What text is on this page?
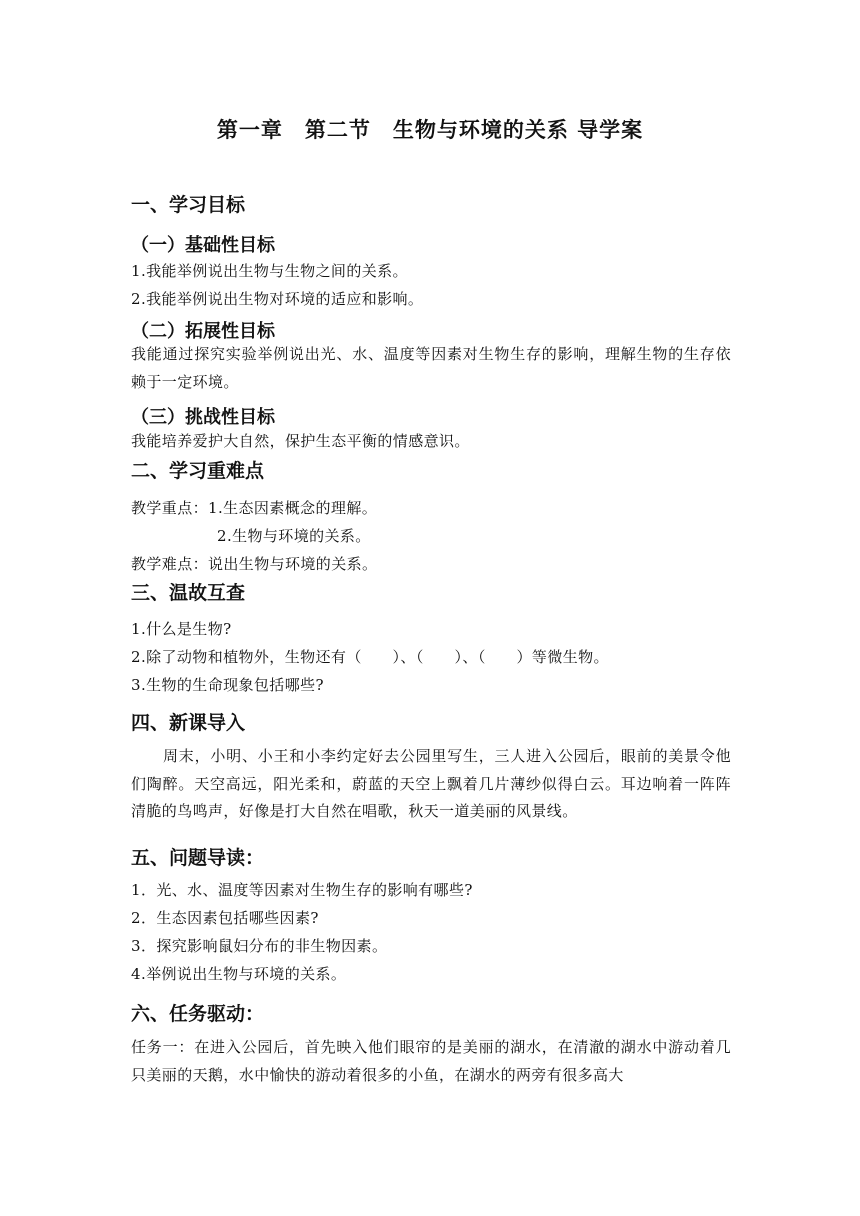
第一章　第二节　生物与环境的关系 导学案
一、学习目标
（一）基础性目标
1.我能举例说出生物与生物之间的关系。
2.我能举例说出生物对环境的适应和影响。
（二）拓展性目标
我能通过探究实验举例说出光、水、温度等因素对生物生存的影响，理解生物的生存依赖于一定环境。
（三）挑战性目标
我能培养爱护大自然，保护生态平衡的情感意识。
二、学习重难点
教学重点：1.生态因素概念的理解。
2.生物与环境的关系。
教学难点：说出生物与环境的关系。
三、温故互查
1.什么是生物?
2.除了动物和植物外，生物还有（　　）、（　　）、（　　）等微生物。
3.生物的生命现象包括哪些?
四、新课导入
周末，小明、小王和小李约定好去公园里写生，三人进入公园后，眼前的美景令他们陶醉。天空高远，阳光柔和，蔚蓝的天空上飘着几片薄纱似得白云。耳边响着一阵阵清脆的鸟鸣声，好像是打大自然在唱歌，秋天一道美丽的风景线。
五、问题导读：
1．光、水、温度等因素对生物生存的影响有哪些?
2．生态因素包括哪些因素?
3．探究影响鼠妇分布的非生物因素。
4.举例说出生物与环境的关系。
六、任务驱动：
任务一：在进入公园后，首先映入他们眼帘的是美丽的湖水，在清澈的湖水中游动着几只美丽的天鹅，水中愉快的游动着很多的小鱼，在湖水的两旁有很多高大
